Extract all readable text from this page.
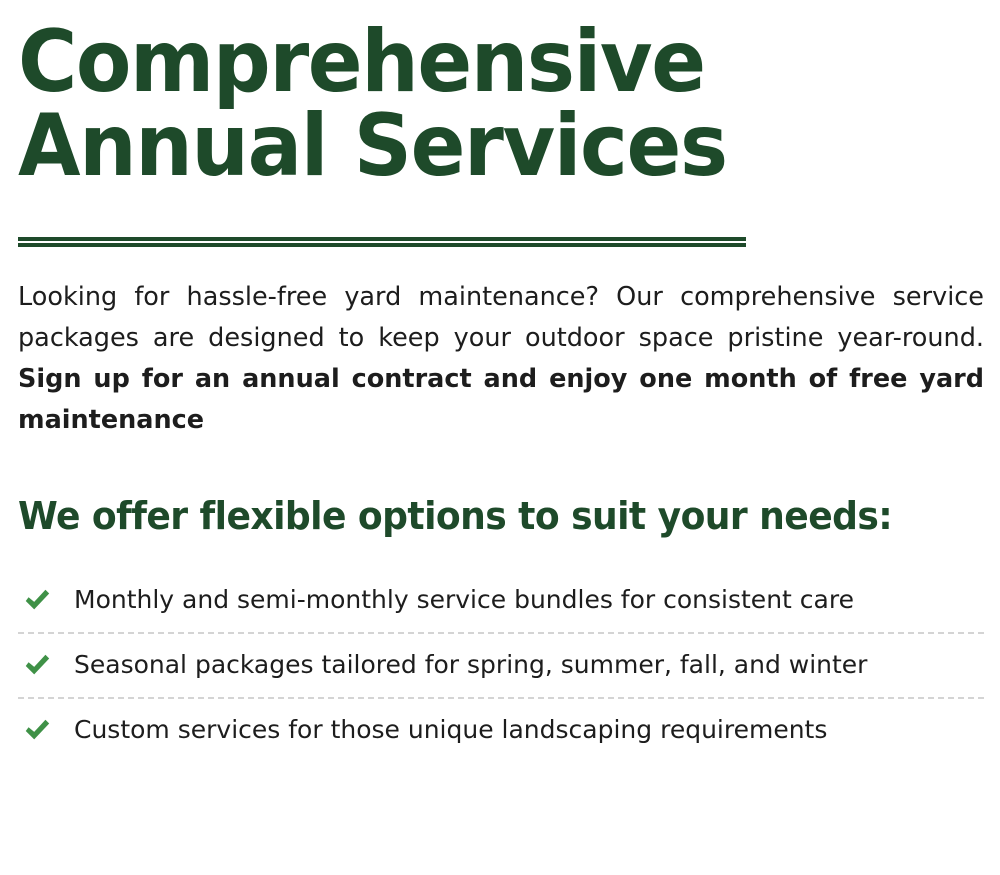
Comprehensive
Annual Services

Looking for hassle-free yard maintenance? Our comprehensive service packages are designed to keep your outdoor space pristine year-round. Sign up for an annual contract and enjoy one month of free yard maintenance

We offer flexible options to suit your needs:
Monthly and semi-monthly service bundles for consistent care
Seasonal packages tailored for spring, summer, fall, and winter
Custom services for those unique landscaping requirements
